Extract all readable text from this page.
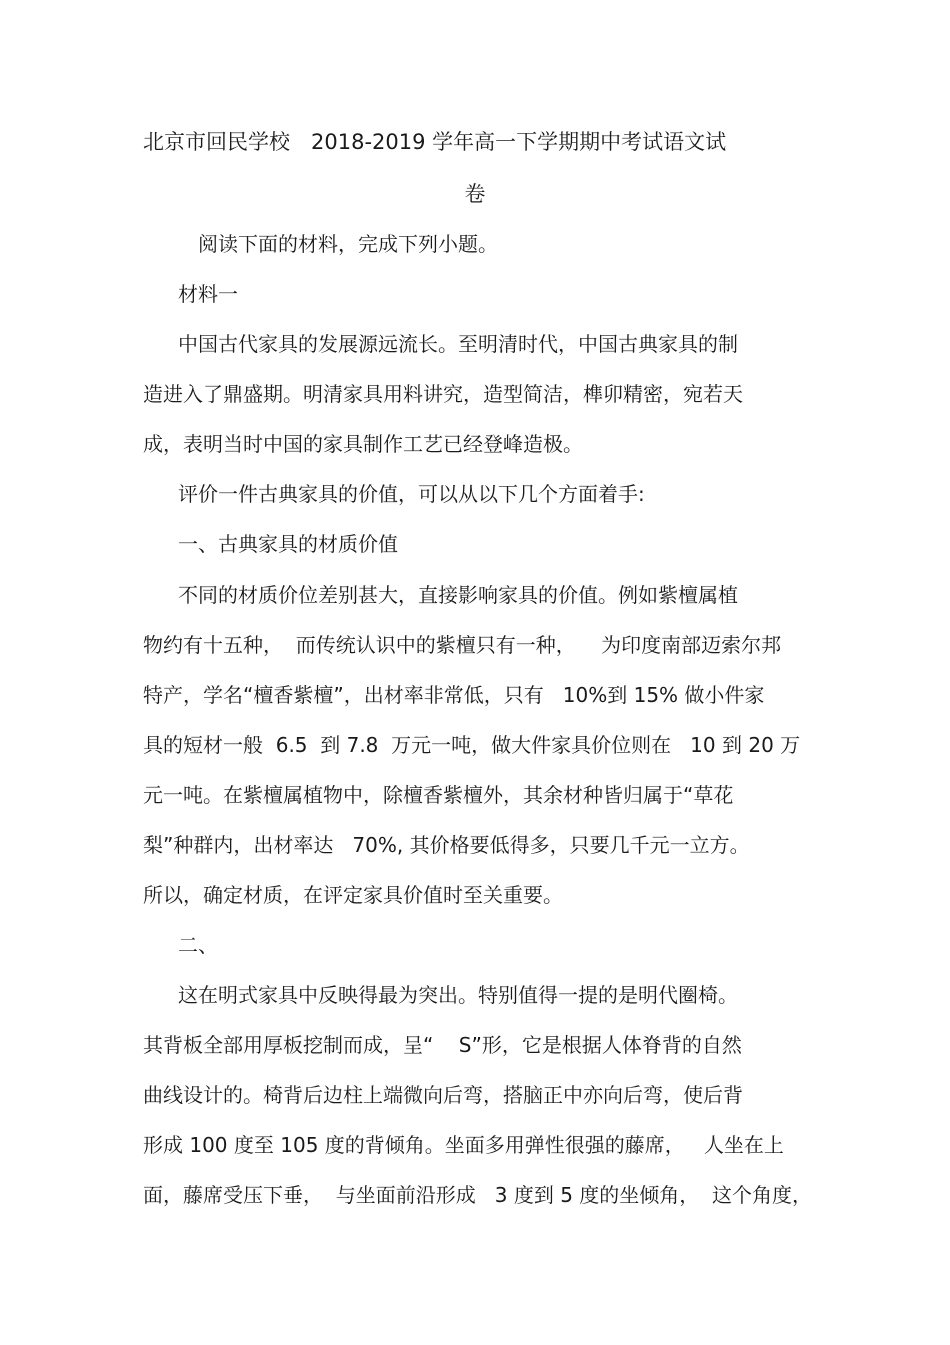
北京市回民学校　2018-2019 学年高一下学期期中考试语文试
卷
阅读下面的材料，完成下列小题。
材料一
中国古代家具的发展源远流长。至明清时代，中国古典家具的制
造进入了鼎盛期。明清家具用料讲究，造型简洁，榫卯精密，宛若天
成，表明当时中国的家具制作工艺已经登峰造极。
评价一件古典家具的价值，可以从以下几个方面着手:
一、古典家具的材质价值
不同的材质价位差别甚大，直接影响家具的价值。例如紫檀属植
物约有十五种，  而传统认识中的紫檀只有一种，    为印度南部迈索尔邦
特产，学名“檀香紫檀”，出材率非常低，只有   10%到 15% 做小件家
具的短材一般  6.5  到 7.8  万元一吨，做大件家具价位则在   10 到 20 万
元一吨。在紫檀属植物中，除檀香紫檀外，其余材种皆归属于“草花
梨”种群内，出材率达   70%, 其价格要低得多，只要几千元一立方。
所以，确定材质，在评定家具价值时至关重要。
二、
这在明式家具中反映得最为突出。特别值得一提的是明代圈椅。
其背板全部用厚板挖制而成，呈“    S”形，它是根据人体脊背的自然
曲线设计的。椅背后边柱上端微向后弯，搭脑正中亦向后弯，使后背
形成 100 度至 105 度的背倾角。坐面多用弹性很强的藤席，   人坐在上
面，藤席受压下垂，  与坐面前沿形成   3 度到 5 度的坐倾角，  这个角度，
